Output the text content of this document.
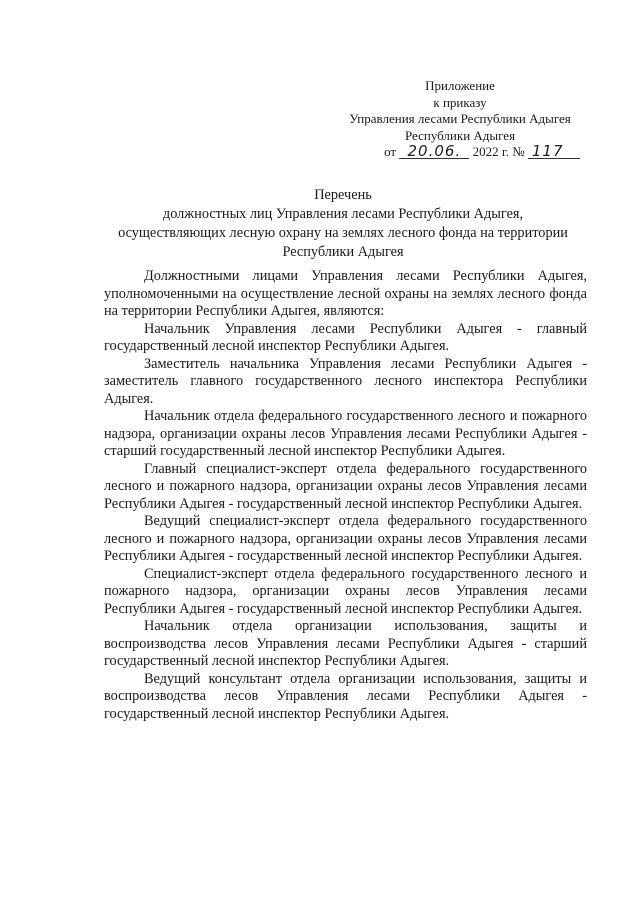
Приложение
к приказу
Управления лесами Республики Адыгея
Республики Адыгея
от 20.06. 2022 г. № 117
Перечень
должностных лиц Управления лесами Республики Адыгея,
осуществляющих лесную охрану на землях лесного фонда на территории
Республики Адыгея

Должностными лицами Управления лесами Республики Адыгея, уполномоченными на осуществление лесной охраны на землях лесного фонда на территории Республики Адыгея, являются:

Начальник Управления лесами Республики Адыгея - главный государственный лесной инспектор Республики Адыгея.

Заместитель начальника Управления лесами Республики Адыгея - заместитель главного государственного лесного инспектора Республики Адыгея.

Начальник отдела федерального государственного лесного и пожарного надзора, организации охраны лесов Управления лесами Республики Адыгея - старший государственный лесной инспектор Республики Адыгея.

Главный специалист-эксперт отдела федерального государственного лесного и пожарного надзора, организации охраны лесов Управления лесами Республики Адыгея - государственный лесной инспектор Республики Адыгея.

Ведущий специалист-эксперт отдела федерального государственного лесного и пожарного надзора, организации охраны лесов Управления лесами Республики Адыгея - государственный лесной инспектор Республики Адыгея.

Специалист-эксперт отдела федерального государственного лесного и пожарного надзора, организации охраны лесов Управления лесами Республики Адыгея - государственный лесной инспектор Республики Адыгея.

Начальник отдела организации использования, защиты и воспроизводства лесов Управления лесами Республики Адыгея - старший государственный лесной инспектор Республики Адыгея.

Ведущий консультант отдела организации использования, защиты и воспроизводства лесов Управления лесами Республики Адыгея - государственный лесной инспектор Республики Адыгея.
